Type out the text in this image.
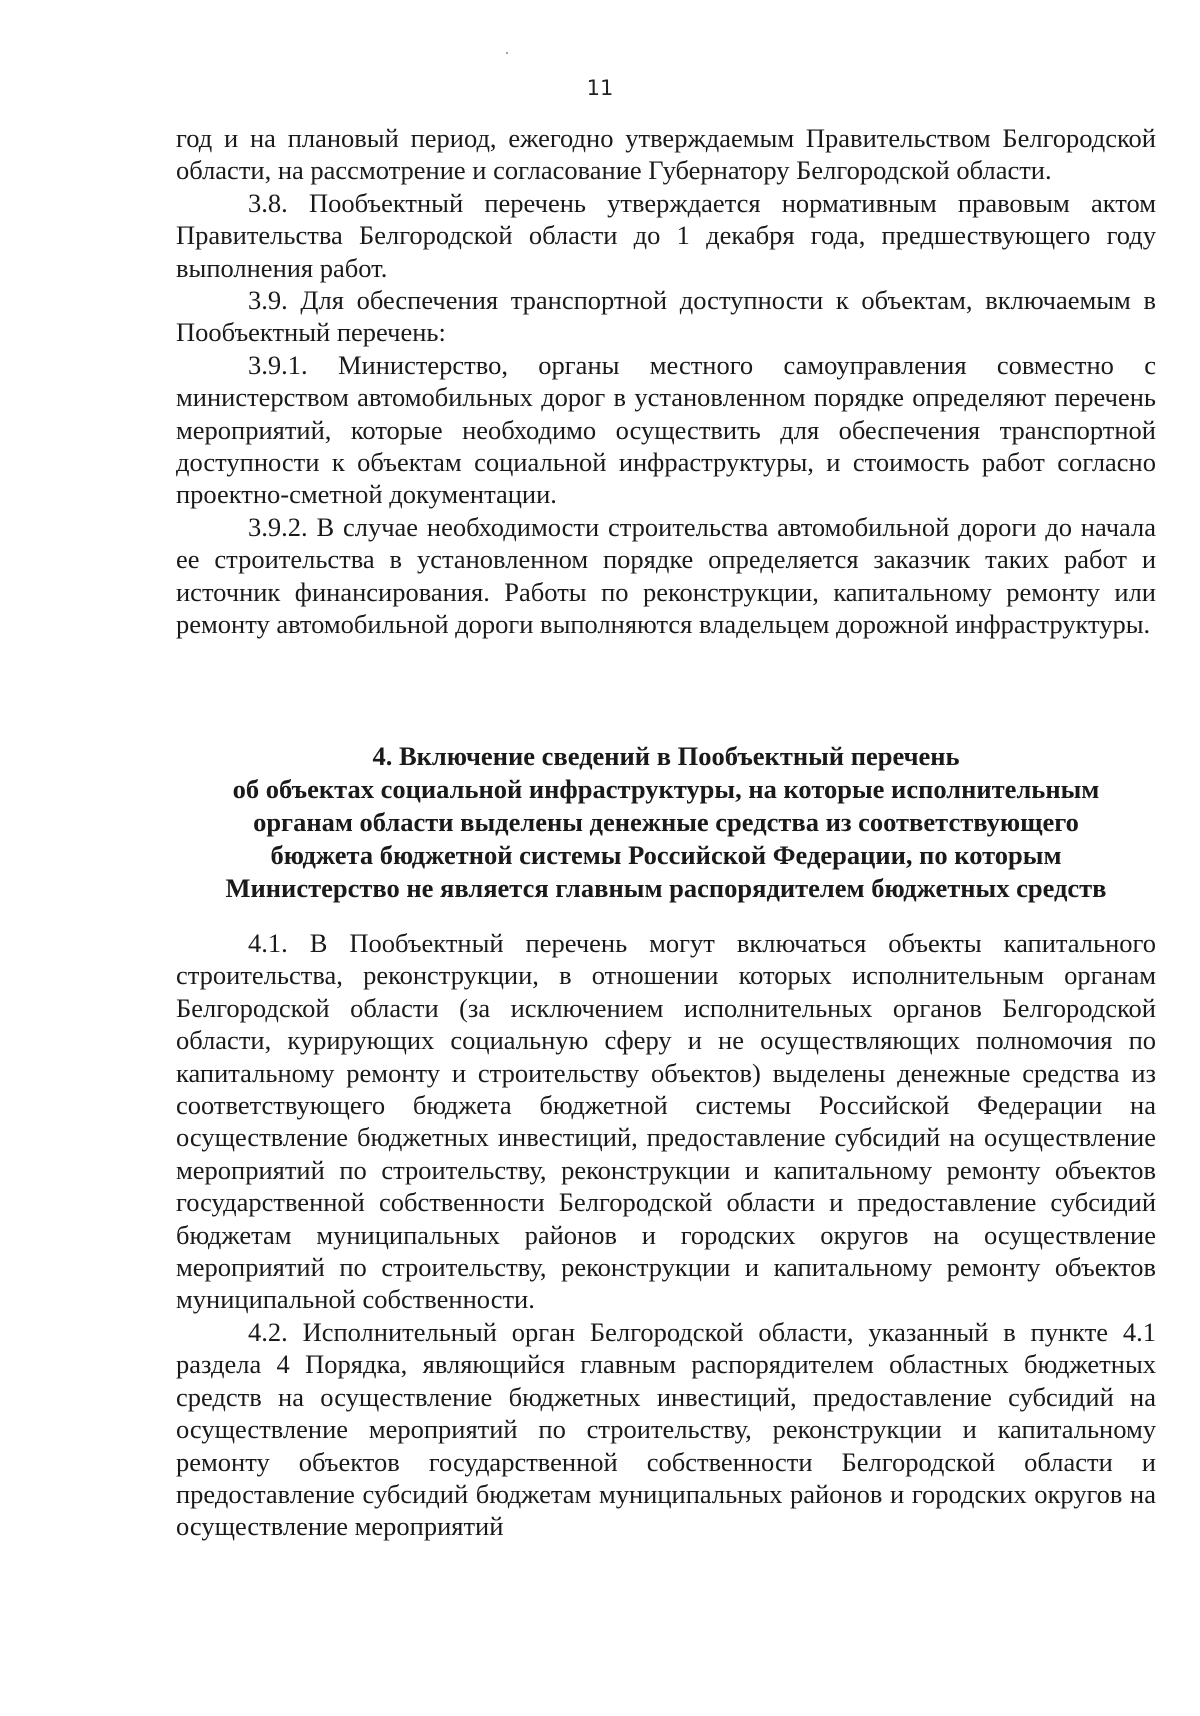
11

год и на плановый период, ежегодно утверждаемым Правительством Белгородской области, на рассмотрение и согласование Губернатору Белгородской области.

3.8. Пообъектный перечень утверждается нормативным правовым актом Правительства Белгородской области до 1 декабря года, предшествующего году выполнения работ.

3.9. Для обеспечения транспортной доступности к объектам, включаемым в Пообъектный перечень:

3.9.1. Министерство, органы местного самоуправления совместно с министерством автомобильных дорог в установленном порядке определяют перечень мероприятий, которые необходимо осуществить для обеспечения транспортной доступности к объектам социальной инфраструктуры, и стоимость работ согласно проектно-сметной документации.

3.9.2. В случае необходимости строительства автомобильной дороги до начала ее строительства в установленном порядке определяется заказчик таких работ и источник финансирования. Работы по реконструкции, капитальному ремонту или ремонту автомобильной дороги выполняются владельцем дорожной инфраструктуры.

4. Включение сведений в Пообъектный перечень
об объектах социальной инфраструктуры, на которые исполнительным
органам области выделены денежные средства из соответствующего
бюджета бюджетной системы Российской Федерации, по которым
Министерство не является главным распорядителем бюджетных средств

4.1. В Пообъектный перечень могут включаться объекты капитального строительства, реконструкции, в отношении которых исполнительным органам Белгородской области (за исключением исполнительных органов Белгородской области, курирующих социальную сферу и не осуществляющих полномочия по капитальному ремонту и строительству объектов) выделены денежные средства из соответствующего бюджета бюджетной системы Российской Федерации на осуществление бюджетных инвестиций, предоставление субсидий на осуществление мероприятий по строительству, реконструкции и капитальному ремонту объектов государственной собственности Белгородской области и предоставление субсидий бюджетам муниципальных районов и городских округов на осуществление мероприятий по строительству, реконструкции и капитальному ремонту объектов муниципальной собственности.

4.2. Исполнительный орган Белгородской области, указанный в пункте 4.1 раздела 4 Порядка, являющийся главным распорядителем областных бюджетных средств на осуществление бюджетных инвестиций, предоставление субсидий на осуществление мероприятий по строительству, реконструкции и капитальному ремонту объектов государственной собственности Белгородской области и предоставление субсидий бюджетам муниципальных районов и городских округов на осуществление мероприятий
